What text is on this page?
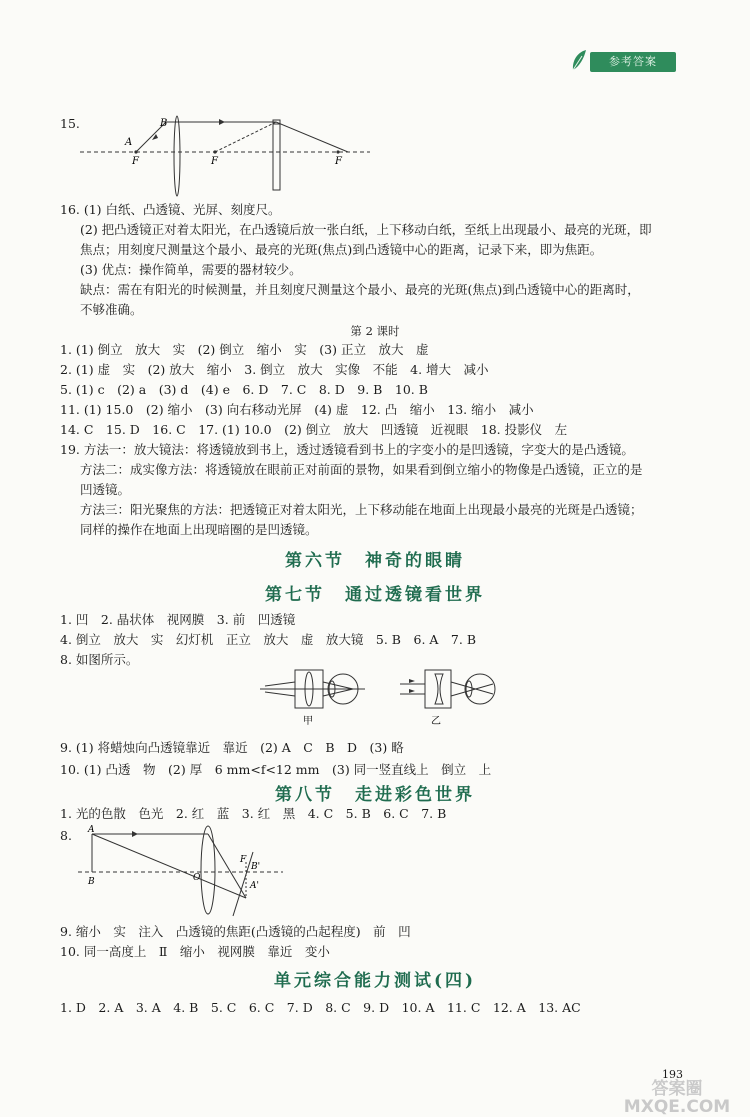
参考答案
15.
A
B
F	F	F
16. (1) 白纸、凸透镜、光屏、刻度尺。
(2) 把凸透镜正对着太阳光，在凸透镜后放一张白纸，上下移动白纸，至纸上出现最小、最亮的光斑，即
焦点；用刻度尺测量这个最小、最亮的光斑(焦点)到凸透镜中心的距离，记录下来，即为焦距。
(3) 优点：操作简单，需要的器材较少。
缺点：需在有阳光的时候测量，并且刻度尺测量这个最小、最亮的光斑(焦点)到凸透镜中心的距离时，
不够准确。
第 2 课时
1. (1) 倒立　放大　实　(2) 倒立　缩小　实　(3) 正立　放大　虚
2. (1) 虚　实　(2) 放大　缩小　3. 倒立　放大　实像　不能　4. 增大　减小
5. (1) c　(2) a　(3) d　(4) e　6. D　7. C　8. D　9. B　10. B
11. (1) 15.0　(2) 缩小　(3) 向右移动光屏　(4) 虚　12. 凸　缩小　13. 缩小　减小
14. C　15. D　16. C　17. (1) 10.0　(2) 倒立　放大　凹透镜　近视眼　18. 投影仪　左
19. 方法一：放大镜法：将透镜放到书上，透过透镜看到书上的字变小的是凹透镜，字变大的是凸透镜。
方法二：成实像方法：将透镜放在眼前正对前面的景物，如果看到倒立缩小的物像是凸透镜，正立的是
凹透镜。
方法三：阳光聚焦的方法：把透镜正对着太阳光，上下移动能在地面上出现最小最亮的光斑是凸透镜；
同样的操作在地面上出现暗圈的是凹透镜。
第六节　神奇的眼睛
第七节　通过透镜看世界
1. 凹　2. 晶状体　视网膜　3. 前　凹透镜
4. 倒立　放大　实　幻灯机　正立　放大　虚　放大镜　5. B　6. A　7. B
8. 如图所示。
甲	乙
9. (1) 将蜡烛向凸透镜靠近　靠近　(2) A　C　B　D　(3) 略
10. (1) 凸透　物　(2) 厚　6 mm<f<12 mm　(3) 同一竖直线上　倒立　上
第八节　走进彩色世界
1. 光的色散　色光　2. 红　蓝　3. 红　黑　4. C　5. B　6. C　7. B
8. A
B	O
F
B'
A'
9. 缩小　实　注入　凸透镜的焦距(凸透镜的凸起程度)　前　凹
10. 同一高度上　Ⅱ　缩小　视网膜　靠近　变小
单元综合能力测试(四)
1. D　2. A　3. A　4. B　5. C　6. C　7. D　8. C　9. D　10. A　11. C　12. A　13. AC
193
答案圈 MXQE.COM
